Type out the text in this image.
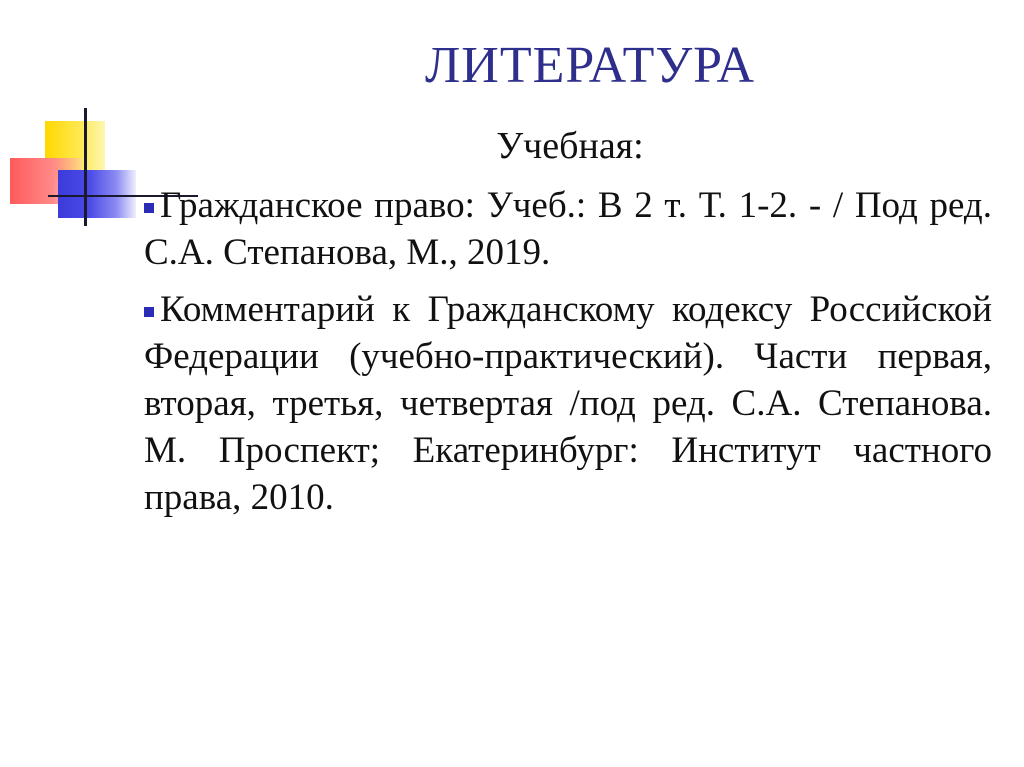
ЛИТЕРАТУРА
Учебная:
Гражданское право: Учеб.: В 2 т. Т. 1-2. - / Под ред. С.А. Степанова, М., 2019.
Комментарий к Гражданскому кодексу Российской Федерации (учебно-практический). Части первая, вторая, третья, четвертая /под ред. С.А. Степанова. М. Проспект; Екатеринбург: Институт частного права, 2010.
